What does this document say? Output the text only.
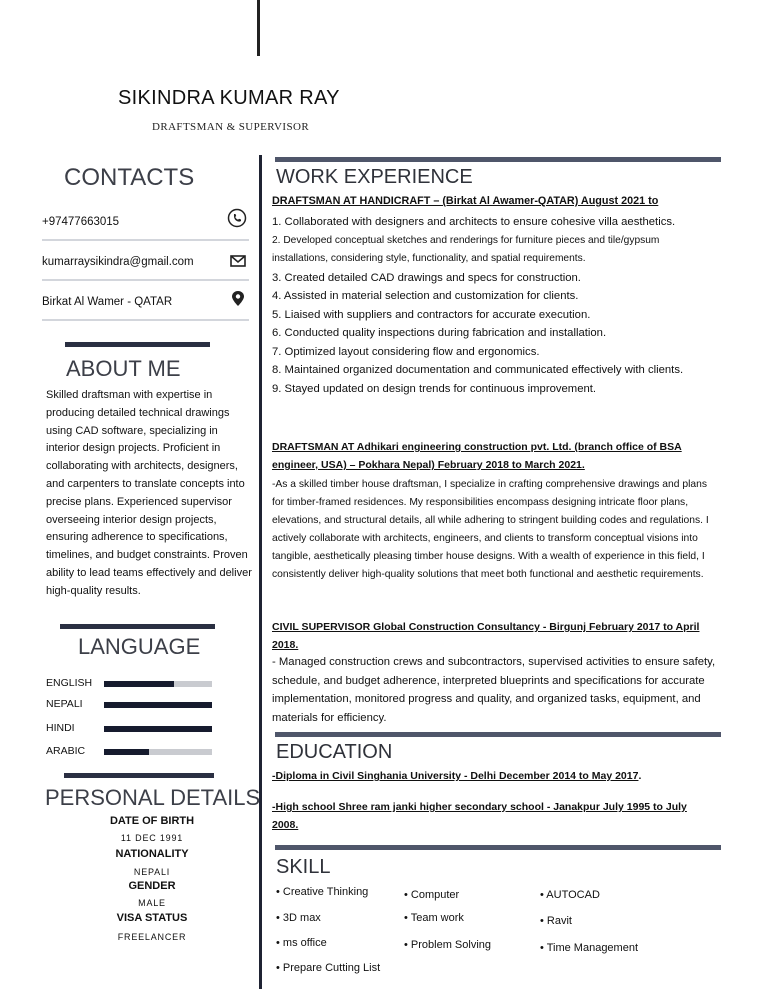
SIKINDRA KUMAR RAY
DRAFTSMAN & SUPERVISOR
CONTACTS
+97477663015
kumarraysikindra@gmail.com
Birkat Al Wamer - QATAR
ABOUT ME
Skilled draftsman with expertise in producing detailed technical drawings using CAD software, specializing in interior design projects. Proficient in collaborating with architects, designers, and carpenters to translate concepts into precise plans. Experienced supervisor overseeing interior design projects, ensuring adherence to specifications, timelines, and budget constraints. Proven ability to lead teams effectively and deliver high-quality results.
LANGUAGE
ENGLISH
NEPALI
HINDI
ARABIC
PERSONAL DETAILS
DATE OF BIRTH
11 DEC 1991
NATIONALITY
NEPALI
GENDER
MALE
VISA STATUS
FREELANCER
WORK EXPERIENCE
DRAFTSMAN AT HANDICRAFT – (Birkat Al Awamer-QATAR) August 2021 to
1. Collaborated with designers and architects to ensure cohesive villa aesthetics.
2. Developed conceptual sketches and renderings for furniture pieces and tile/gypsum installations, considering style, functionality, and spatial requirements.
3. Created detailed CAD drawings and specs for construction.
4. Assisted in material selection and customization for clients.
5. Liaised with suppliers and contractors for accurate execution.
6. Conducted quality inspections during fabrication and installation.
7. Optimized layout considering flow and ergonomics.
8. Maintained organized documentation and communicated effectively with clients.
9. Stayed updated on design trends for continuous improvement.
DRAFTSMAN AT Adhikari engineering construction pvt. Ltd. (branch office of BSA engineer, USA) – Pokhara Nepal) February 2018 to March 2021.
-As a skilled timber house draftsman, I specialize in crafting comprehensive drawings and plans for timber-framed residences. My responsibilities encompass designing intricate floor plans, elevations, and structural details, all while adhering to stringent building codes and regulations. I actively collaborate with architects, engineers, and clients to transform conceptual visions into tangible, aesthetically pleasing timber house designs. With a wealth of experience in this field, I consistently deliver high-quality solutions that meet both functional and aesthetic requirements.
CIVIL SUPERVISOR Global Construction Consultancy - Birgunj February 2017 to April 2018.
- Managed construction crews and subcontractors, supervised activities to ensure safety, schedule, and budget adherence, interpreted blueprints and specifications for accurate implementation, monitored progress and quality, and organized tasks, equipment, and materials for efficiency.
EDUCATION
-Diploma in Civil Singhania University - Delhi December 2014 to May 2017.
-High school Shree ram janki higher secondary school - Janakpur July 1995 to July 2008.
SKILL
• Creative Thinking	• Computer	• AUTOCAD
• 3D max	• Team work	• Ravit
• ms office	• Problem Solving	• Time Management
• Prepare Cutting List
